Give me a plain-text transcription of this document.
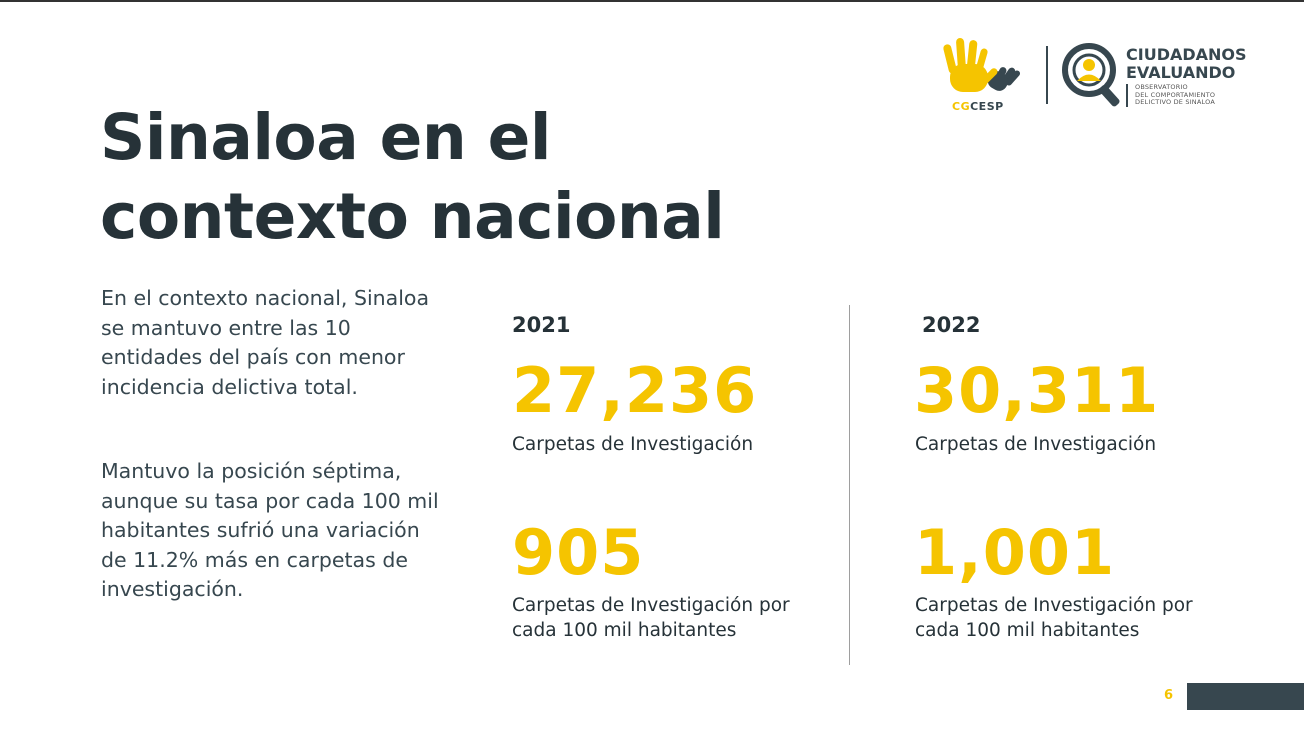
CGCESP
CIUDADANOS
EVALUANDO
OBSERVATORIO
DEL COMPORTAMIENTO
DELICTIVO DE SINALOA
Sinaloa en el
contexto nacional

En el contexto nacional, Sinaloa se mantuvo entre las 10 entidades del país con menor incidencia delictiva total.

Mantuvo la posición séptima, aunque su tasa por cada 100 mil habitantes sufrió una variación de 11.2% más en carpetas de investigación.

2021
27,236
Carpetas de Investigación
905
Carpetas de Investigación por cada 100 mil habitantes
2022
30,311
Carpetas de Investigación
1,001
Carpetas de Investigación por cada 100 mil habitantes
6
